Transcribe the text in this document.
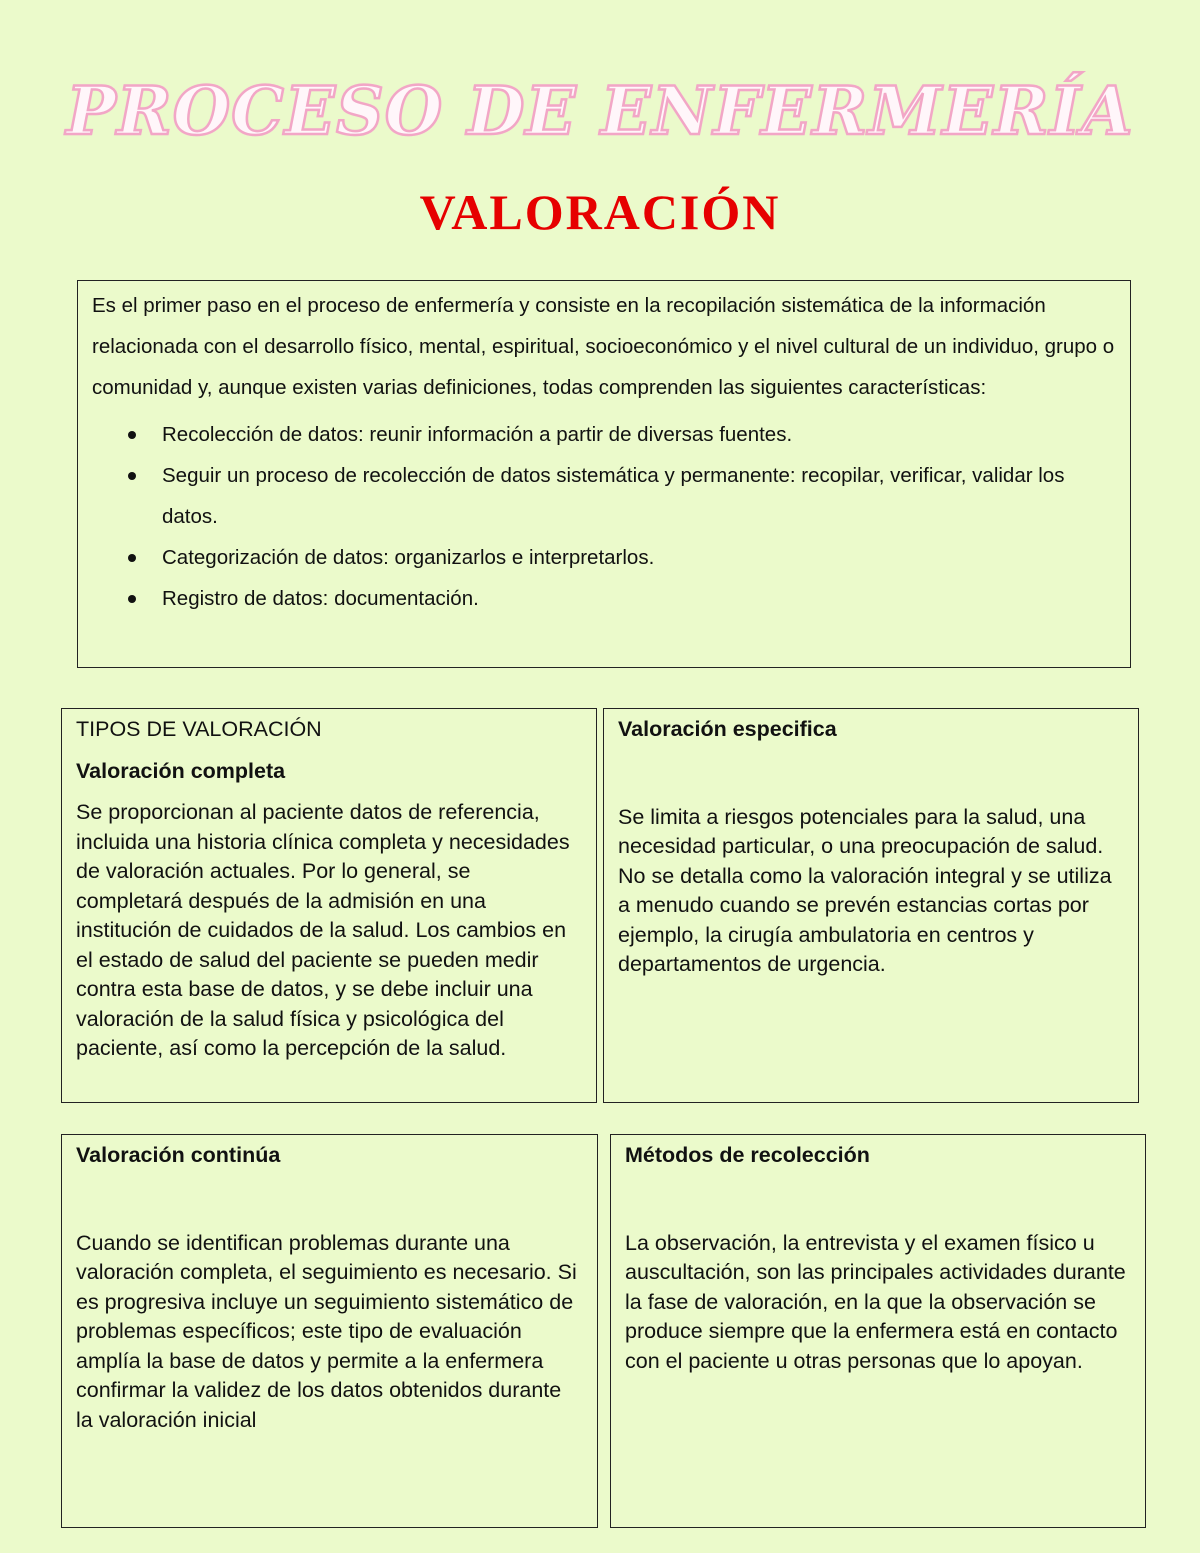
PROCESO DE ENFERMERÍA
VALORACIÓN

Es el primer paso en el proceso de enfermería y consiste en la recopilación sistemática de la información relacionada con el desarrollo físico, mental, espiritual, socioeconómico y el nivel cultural de un individuo, grupo o comunidad y, aunque existen varias definiciones, todas comprenden las siguientes características:

Recolección de datos: reunir información a partir de diversas fuentes.
Seguir un proceso de recolección de datos sistemática y permanente: recopilar, verificar, validar los datos.
Categorización de datos: organizarlos e interpretarlos.
Registro de datos: documentación.

TIPOS DE VALORACIÓN

Valoración completa

Se proporcionan al paciente datos de referencia, incluida una historia clínica completa y necesidades de valoración actuales. Por lo general, se completará después de la admisión en una institución de cuidados de la salud. Los cambios en el estado de salud del paciente se pueden medir contra esta base de datos, y se debe incluir una valoración de la salud física y psicológica del paciente, así como la percepción de la salud.

Valoración especifica

Se limita a riesgos potenciales para la salud, una necesidad particular, o una preocupación de salud. No se detalla como la valoración integral y se utiliza a menudo cuando se prevén estancias cortas por ejemplo, la cirugía ambulatoria en centros y departamentos de urgencia.

Valoración continúa

Cuando se identifican problemas durante una valoración completa, el seguimiento es necesario. Si es progresiva incluye un seguimiento sistemático de problemas específicos; este tipo de evaluación amplía la base de datos y permite a la enfermera confirmar la validez de los datos obtenidos durante la valoración inicial

Métodos de recolección

La observación, la entrevista y el examen físico u auscultación, son las principales actividades durante la fase de valoración, en la que la observación se produce siempre que la enfermera está en contacto con el paciente u otras personas que lo apoyan.
